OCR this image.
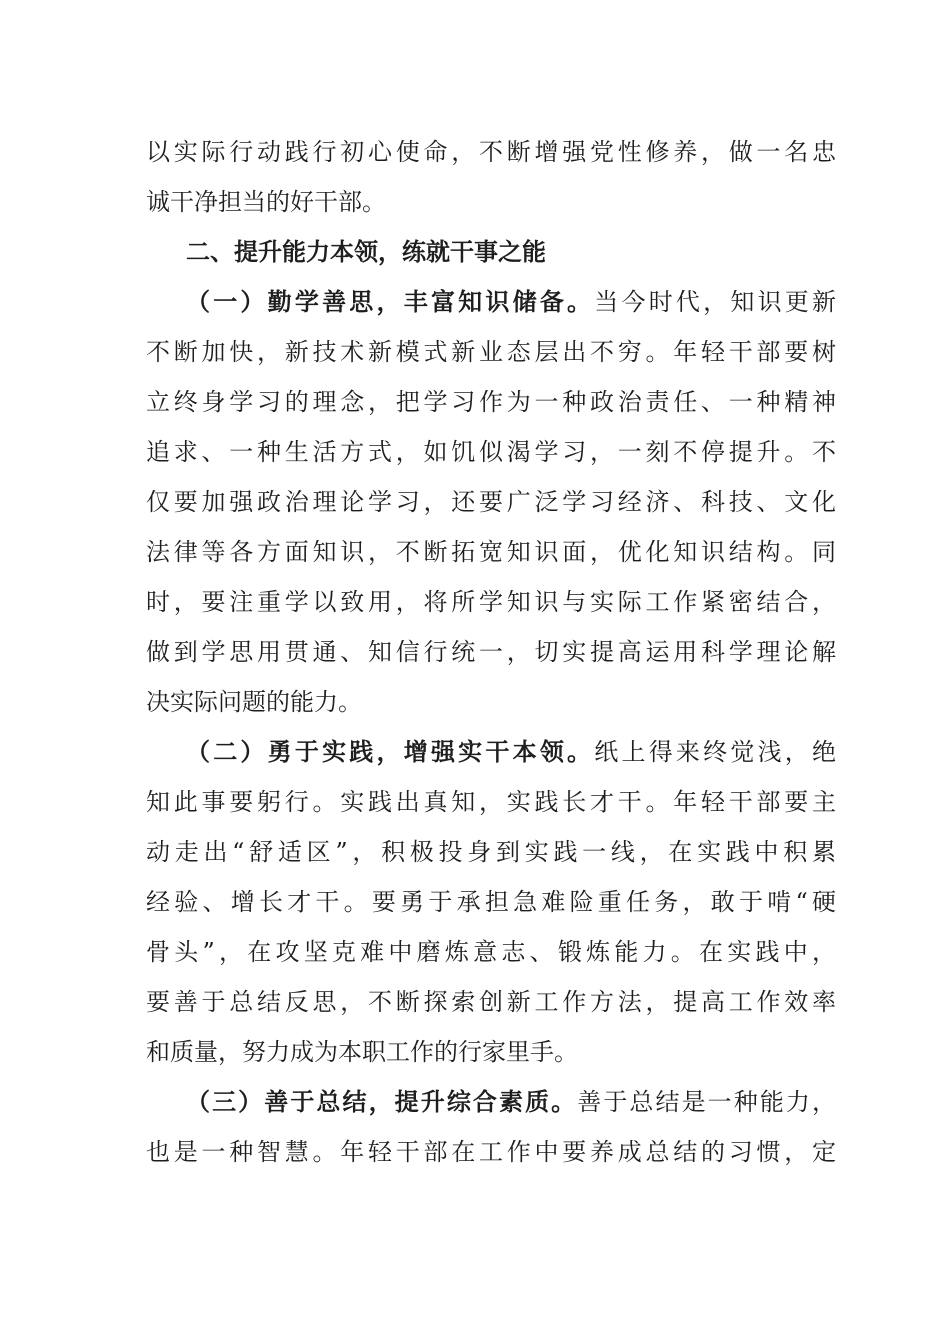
以实际行动践行初心使命，不断增强党性修养，做一名忠
诚干净担当的好干部。
二、提升能力本领，练就干事之能
（一）勤学善思，丰富知识储备。当今时代，知识更新
不断加快，新技术新模式新业态层出不穷。年轻干部要树
立终身学习的理念，把学习作为一种政治责任、一种精神
追求、一种生活方式，如饥似渴学习，一刻不停提升。不
仅要加强政治理论学习，还要广泛学习经济、科技、文化
法律等各方面知识，不断拓宽知识面，优化知识结构。同
时，要注重学以致用，将所学知识与实际工作紧密结合，
做到学思用贯通、知信行统一，切实提高运用科学理论解
决实际问题的能力。
（二）勇于实践，增强实干本领。纸上得来终觉浅，绝
知此事要躬行。实践出真知，实践长才干。年轻干部要主
动走出“舒适区”，积极投身到实践一线，在实践中积累
经验、增长才干。要勇于承担急难险重任务，敢于啃“硬
骨头”，在攻坚克难中磨炼意志、锻炼能力。在实践中，
要善于总结反思，不断探索创新工作方法，提高工作效率
和质量，努力成为本职工作的行家里手。
（三）善于总结，提升综合素质。善于总结是一种能力，
也是一种智慧。年轻干部在工作中要养成总结的习惯，定
